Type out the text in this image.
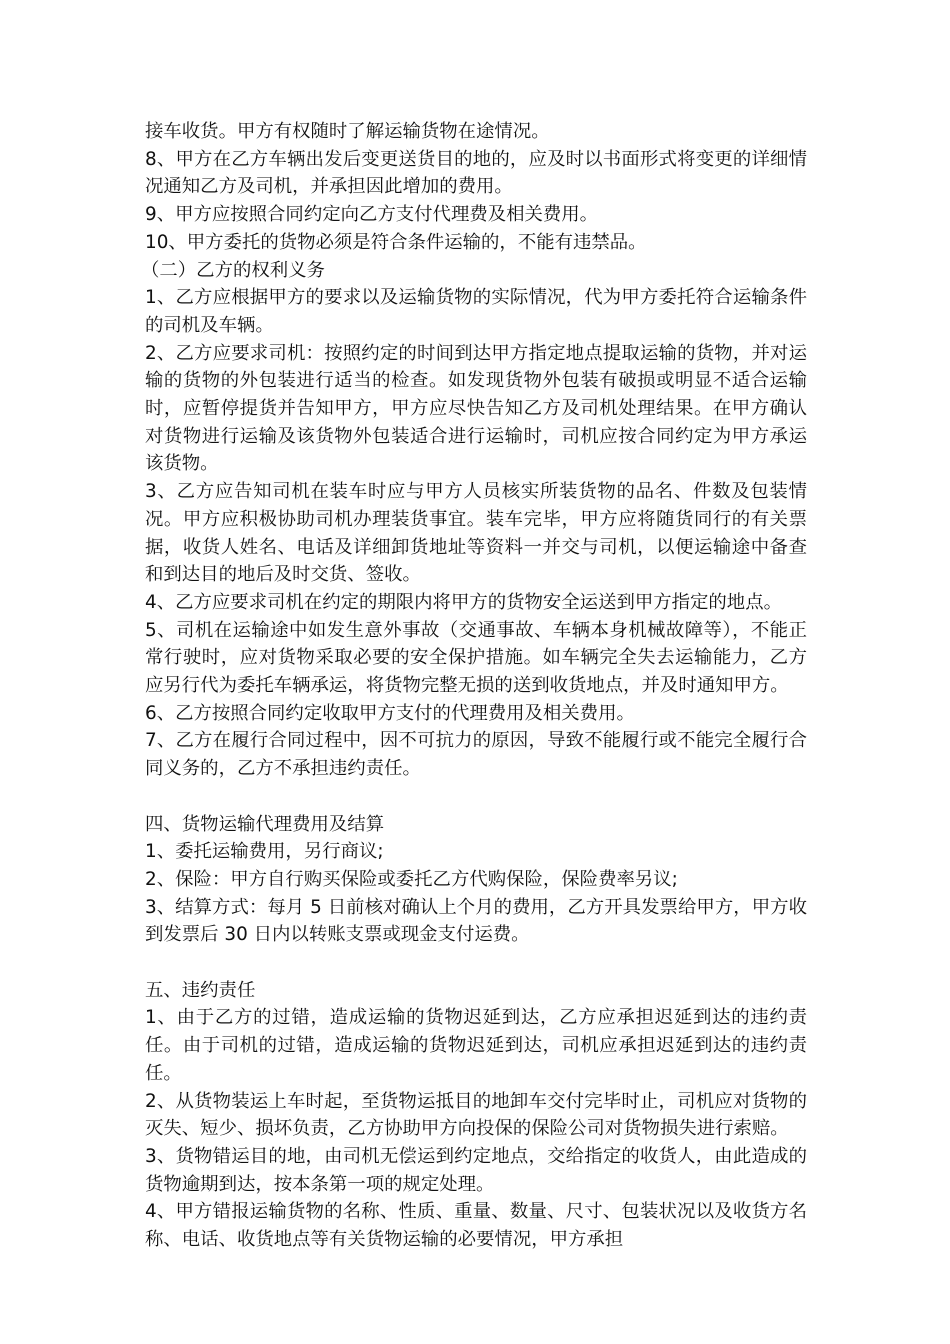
接车收货。甲方有权随时了解运输货物在途情况。

8、甲方在乙方车辆出发后变更送货目的地的，应及时以书面形式将变更的详细情况通知乙方及司机，并承担因此增加的费用。

9、甲方应按照合同约定向乙方支付代理费及相关费用。

10、甲方委托的货物必须是符合条件运输的，不能有违禁品。

（二）乙方的权利义务

1、乙方应根据甲方的要求以及运输货物的实际情况，代为甲方委托符合运输条件的司机及车辆。

2、乙方应要求司机：按照约定的时间到达甲方指定地点提取运输的货物，并对运输的货物的外包装进行适当的检查。如发现货物外包装有破损或明显不适合运输时，应暂停提货并告知甲方，甲方应尽快告知乙方及司机处理结果。在甲方确认对货物进行运输及该货物外包装适合进行运输时，司机应按合同约定为甲方承运该货物。

3、乙方应告知司机在装车时应与甲方人员核实所装货物的品名、件数及包装情况。甲方应积极协助司机办理装货事宜。装车完毕，甲方应将随货同行的有关票据，收货人姓名、电话及详细卸货地址等资料一并交与司机，以便运输途中备查和到达目的地后及时交货、签收。

4、乙方应要求司机在约定的期限内将甲方的货物安全运送到甲方指定的地点。

5、司机在运输途中如发生意外事故（交通事故、车辆本身机械故障等），不能正常行驶时，应对货物采取必要的安全保护措施。如车辆完全失去运输能力，乙方应另行代为委托车辆承运，将货物完整无损的送到收货地点，并及时通知甲方。

6、乙方按照合同约定收取甲方支付的代理费用及相关费用。

7、乙方在履行合同过程中，因不可抗力的原因，导致不能履行或不能完全履行合同义务的，乙方不承担违约责任。

四、货物运输代理费用及结算

1、委托运输费用，另行商议;

2、保险：甲方自行购买保险或委托乙方代购保险，保险费率另议;

3、结算方式：每月 5 日前核对确认上个月的费用，乙方开具发票给甲方，甲方收到发票后 30 日内以转账支票或现金支付运费。

五、违约责任

1、由于乙方的过错，造成运输的货物迟延到达，乙方应承担迟延到达的违约责任。由于司机的过错，造成运输的货物迟延到达，司机应承担迟延到达的违约责任。

2、从货物装运上车时起，至货物运抵目的地卸车交付完毕时止，司机应对货物的灭失、短少、损坏负责，乙方协助甲方向投保的保险公司对货物损失进行索赔。

3、货物错运目的地，由司机无偿运到约定地点，交给指定的收货人，由此造成的货物逾期到达，按本条第一项的规定处理。

4、甲方错报运输货物的名称、性质、重量、数量、尺寸、包装状况以及收货方名称、电话、收货地点等有关货物运输的必要情况，甲方承担
